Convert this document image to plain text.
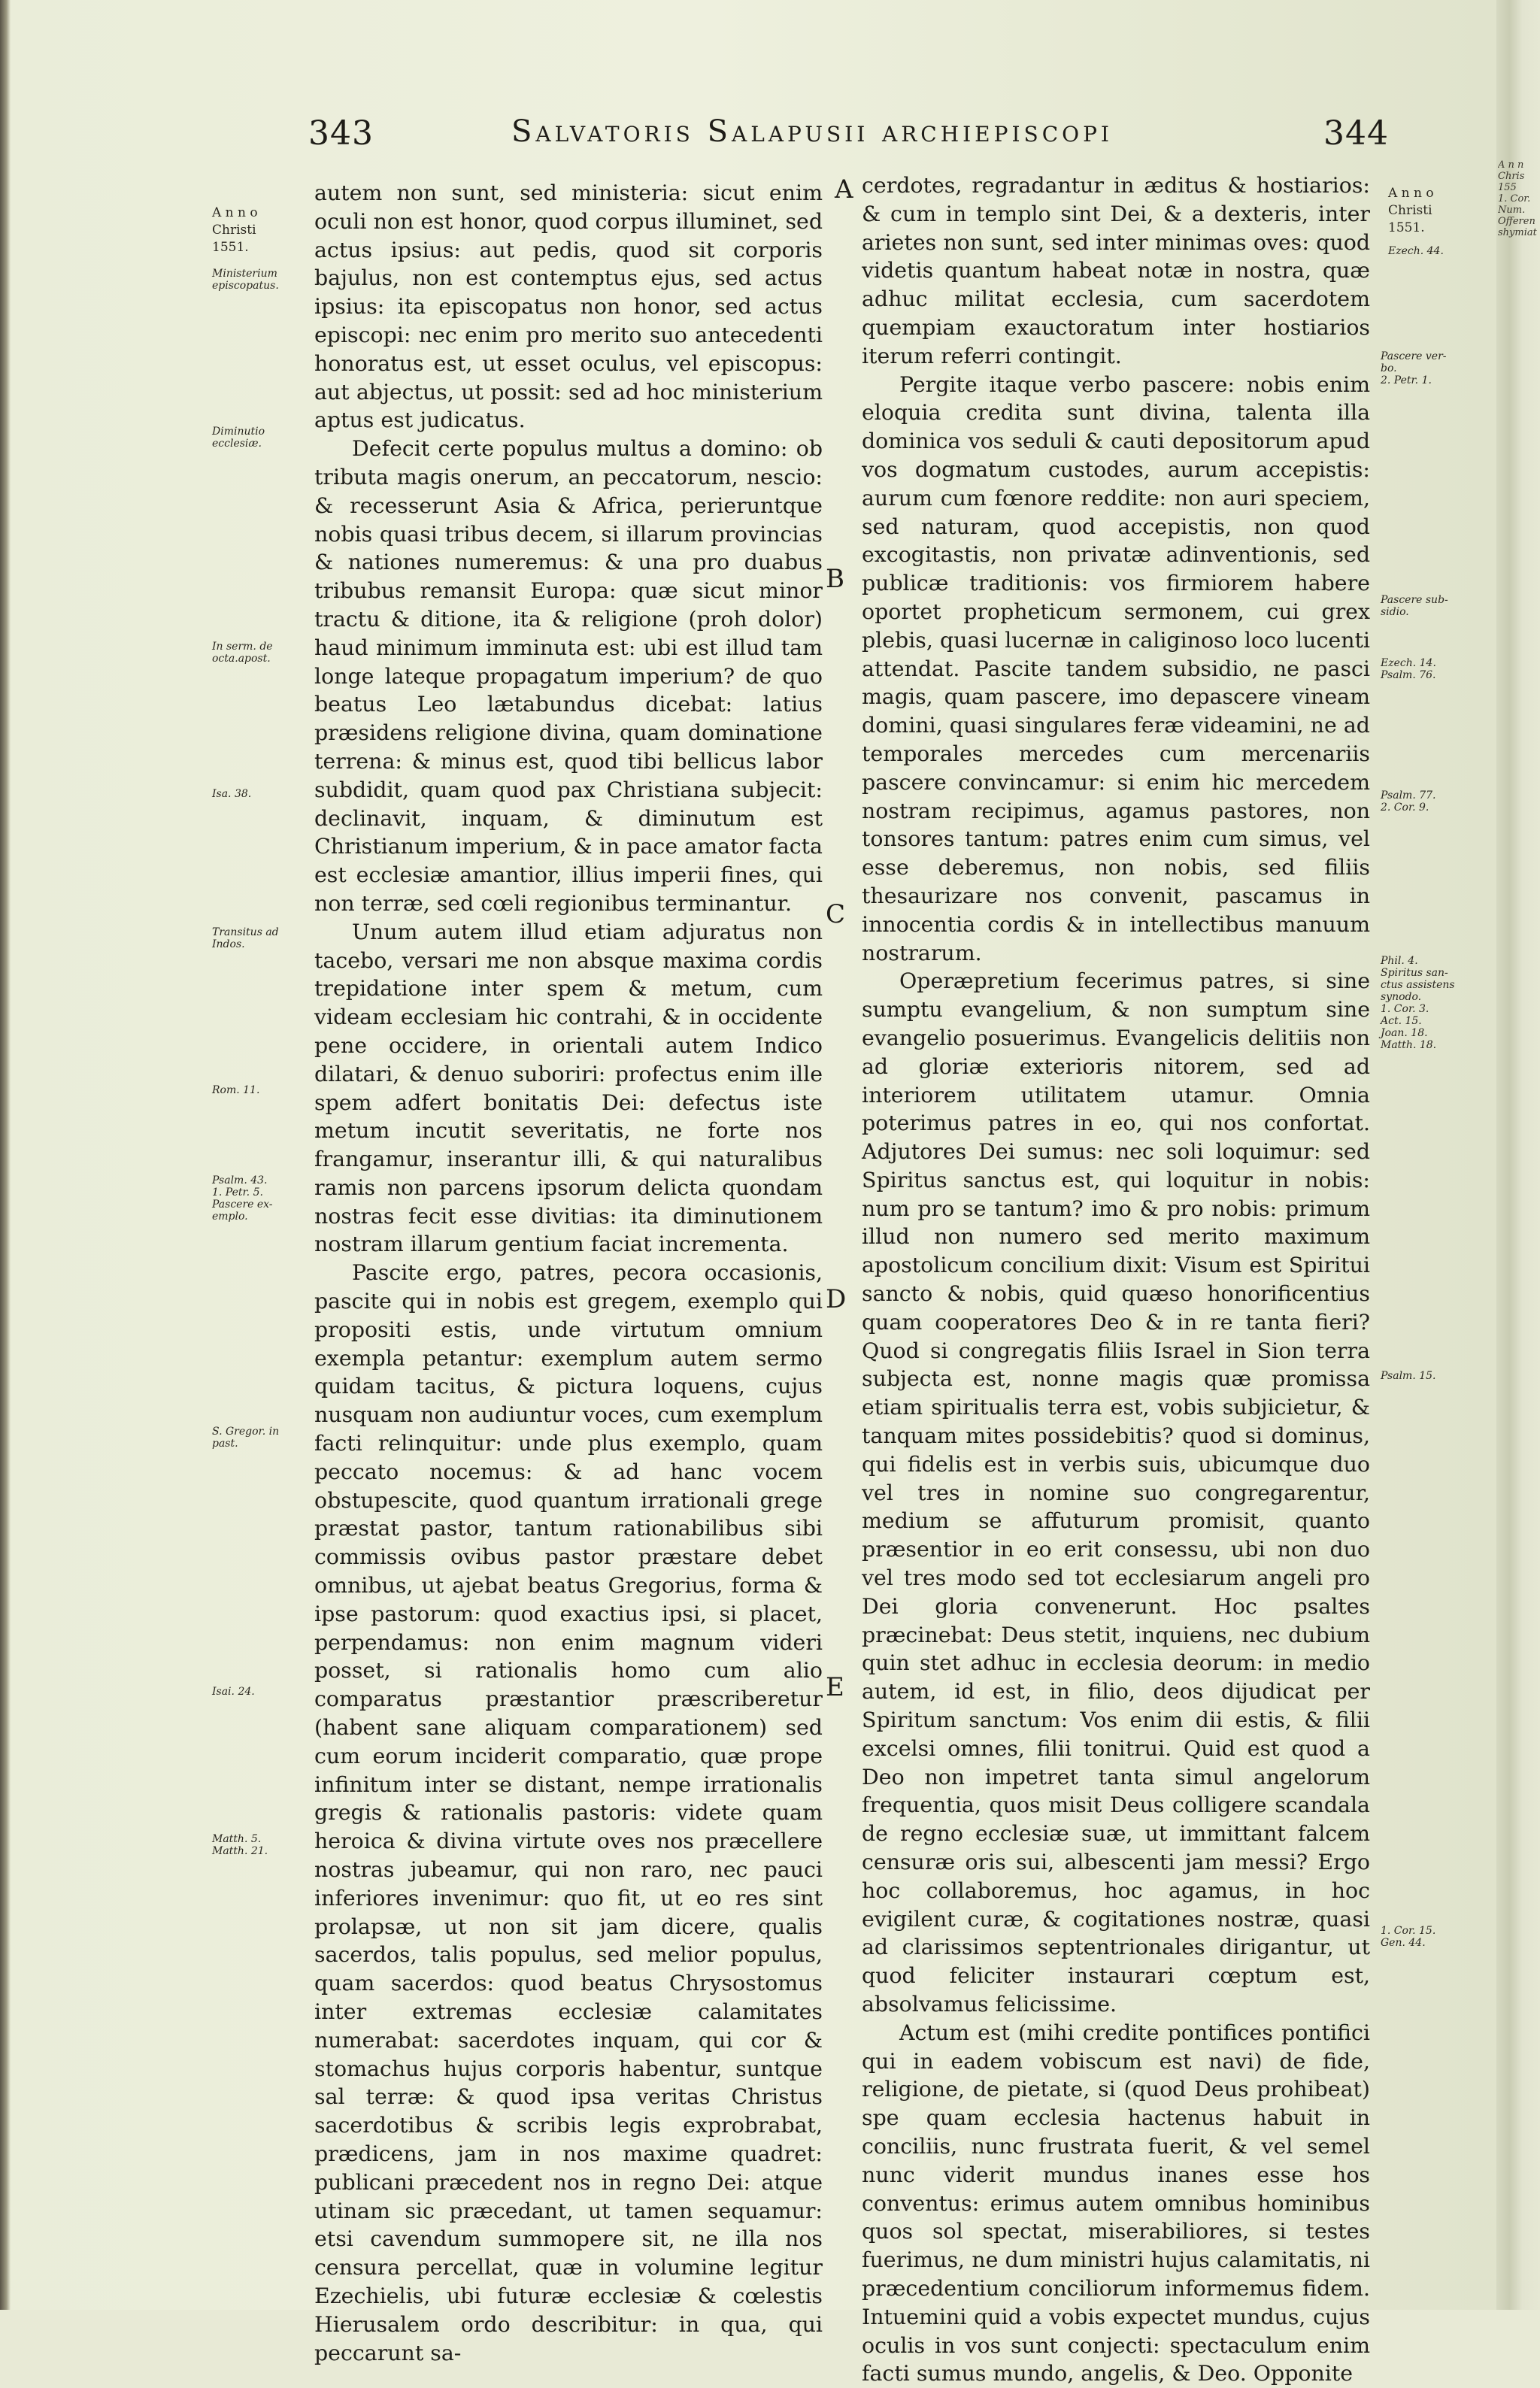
343	Salvatoris Salapusii archiepiscopi	344

autem non sunt, sed ministeria: sicut enim oculi non est honor, quod corpus illuminet, sed actus ipsius: aut pedis, quod sit corporis bajulus, non est contemptus ejus, sed actus ipsius: ita episcopatus non honor, sed actus episcopi: nec enim pro merito suo antecedenti honoratus est, ut esset oculus, vel episcopus: aut abjectus, ut possit: sed ad hoc ministerium aptus est judicatus.

Defecit certe populus multus a domino: ob tributa magis onerum, an peccatorum, nescio: & recesserunt Asia & Africa, perieruntque nobis quasi tribus decem, si illarum provincias & nationes numeremus: & una pro duabus tribubus remansit Europa: quæ sicut minor tractu & ditione, ita & religione (proh dolor) haud minimum imminuta est: ubi est illud tam longe lateque propagatum imperium? de quo beatus Leo lætabundus dicebat: latius præsidens religione divina, quam dominatione terrena: & minus est, quod tibi bellicus labor subdidit, quam quod pax Christiana subjecit: declinavit, inquam, & diminutum est Christianum imperium, & in pace amator facta est ecclesiæ amantior, illius imperii fines, qui non terræ, sed cœli regionibus terminantur.

Unum autem illud etiam adjuratus non tacebo, versari me non absque maxima cordis trepidatione inter spem & metum, cum videam ecclesiam hic contrahi, & in occidente pene occidere, in orientali autem Indico dilatari, & denuo suboriri: profectus enim ille spem adfert bonitatis Dei: defectus iste metum incutit severitatis, ne forte nos frangamur, inserantur illi, & qui naturalibus ramis non parcens ipsorum delicta quondam nostras fecit esse divitias: ita diminutionem nostram illarum gentium faciat incrementa.

Pascite ergo, patres, pecora occasionis, pascite qui in nobis est gregem, exemplo qui propositi estis, unde virtutum omnium exempla petantur: exemplum autem sermo quidam tacitus, & pictura loquens, cujus nusquam non audiuntur voces, cum exemplum facti relinquitur: unde plus exemplo, quam peccato nocemus: & ad hanc vocem obstupescite, quod quantum irrationali grege præstat pastor, tantum rationabilibus sibi commissis ovibus pastor præstare debet omnibus, ut ajebat beatus Gregorius, forma & ipse pastorum: quod exactius ipsi, si placet, perpendamus: non enim magnum videri posset, si rationalis homo cum alio comparatus præstantior præscriberetur (habent sane aliquam comparationem) sed cum eorum inciderit comparatio, quæ prope infinitum inter se distant, nempe irrationalis gregis & rationalis pastoris: videte quam heroica & divina virtute oves nos præcellere nostras jubeamur, qui non raro, nec pauci inferiores invenimur: quo fit, ut eo res sint prolapsæ, ut non sit jam dicere, qualis sacerdos, talis populus, sed melior populus, quam sacerdos: quod beatus Chrysostomus inter extremas ecclesiæ calamitates numerabat: sacerdotes inquam, qui cor & stomachus hujus corporis habentur, suntque sal terræ: & quod ipsa veritas Christus sacerdotibus & scribis legis exprobrabat, prædicens, jam in nos maxime quadret: publicani præcedent nos in regno Dei: atque utinam sic præcedant, ut tamen sequamur: etsi cavendum summopere sit, ne illa nos censura percellat, quæ in volumine legitur Ezechielis, ubi futuræ ecclesiæ & cœlestis Hierusalem ordo describitur: in qua, qui peccarunt sa-

cerdotes, regradantur in æditus & hostiarios: & cum in templo sint Dei, & a dexteris, inter arietes non sunt, sed inter minimas oves: quod videtis quantum habeat notæ in nostra, quæ adhuc militat ecclesia, cum sacerdotem quempiam exauctoratum inter hostiarios iterum referri contingit.

Pergite itaque verbo pascere: nobis enim eloquia credita sunt divina, talenta illa dominica vos seduli & cauti depositorum apud vos dogmatum custodes, aurum accepistis: aurum cum fœnore reddite: non auri speciem, sed naturam, quod accepistis, non quod excogitastis, non privatæ adinventionis, sed publicæ traditionis: vos firmiorem habere oportet propheticum sermonem, cui grex plebis, quasi lucernæ in caliginoso loco lucenti attendat. Pascite tandem subsidio, ne pasci magis, quam pascere, imo depascere vineam domini, quasi singulares feræ videamini, ne ad temporales mercedes cum mercenariis pascere convincamur: si enim hic mercedem nostram recipimus, agamus pastores, non tonsores tantum: patres enim cum simus, vel esse deberemus, non nobis, sed filiis thesaurizare nos convenit, pascamus in innocentia cordis & in intellectibus manuum nostrarum.

Operæpretium fecerimus patres, si sine sumptu evangelium, & non sumptum sine evangelio posuerimus. Evangelicis delitiis non ad gloriæ exterioris nitorem, sed ad interiorem utilitatem utamur. Omnia poterimus patres in eo, qui nos confortat. Adjutores Dei sumus: nec soli loquimur: sed Spiritus sanctus est, qui loquitur in nobis: num pro se tantum? imo & pro nobis: primum illud non numero sed merito maximum apostolicum concilium dixit: Visum est Spiritui sancto & nobis, quid quæso honorificentius quam cooperatores Deo & in re tanta fieri? Quod si congregatis filiis Israel in Sion terra subjecta est, nonne magis quæ promissa etiam spiritualis terra est, vobis subjicietur, & tanquam mites possidebitis? quod si dominus, qui fidelis est in verbis suis, ubicumque duo vel tres in nomine suo congregarentur, medium se affuturum promisit, quanto præsentior in eo erit consessu, ubi non duo vel tres modo sed tot ecclesiarum angeli pro Dei gloria convenerunt. Hoc psaltes præcinebat: Deus stetit, inquiens, nec dubium quin stet adhuc in ecclesia deorum: in medio autem, id est, in filio, deos dijudicat per Spiritum sanctum: Vos enim dii estis, & filii excelsi omnes, filii tonitrui. Quid est quod a Deo non impetret tanta simul angelorum frequentia, quos misit Deus colligere scandala de regno ecclesiæ suæ, ut immittant falcem censuræ oris sui, albescenti jam messi? Ergo hoc collaboremus, hoc agamus, in hoc evigilent curæ, & cogitationes nostræ, quasi ad clarissimos septentrionales dirigantur, ut quod feliciter instaurari cœptum est, absolvamus felicissime.

Actum est (mihi credite pontifices pontifici qui in eadem vobiscum est navi) de fide, religione, de pietate, si (quod Deus prohibeat) spe quam ecclesia hactenus habuit in conciliis, nunc frustrata fuerit, & vel semel nunc viderit mundus inanes esse hos conventus: erimus autem omnibus hominibus quos sol spectat, miserabiliores, si testes fuerimus, ne dum ministri hujus calamitatis, ni præcedentium conciliorum informemus fidem. Intuemini quid a vobis expectet mundus, cujus oculis in vos sunt conjecti: spectaculum enim facti sumus mundo, angelis, & Deo. Opponite

A
B
C
D
E
A n n o
Christi
1551.
Ministerium
episcopatus.
Diminutio
ecclesiæ.
In serm. de
octa.apost.
Isa. 38.
Transitus ad
Indos.
Rom. 11.
Psalm. 43.
1. Petr. 5.
Pascere ex-
emplo.
S. Gregor. in
past.
Isai. 24.
Matth. 5.
Matth. 21.
A n n o
Christi
1551.
Ezech. 44.
Pascere ver-
bo.
2. Petr. 1.
Pascere sub-
sidio.
Ezech. 14.
Psalm. 76.
Psalm. 77.
2. Cor. 9.
Phil. 4.
Spiritus san-
ctus assistens
synodo.
1. Cor. 3.
Act. 15.
Joan. 18.
Matth. 18.
Psalm. 15.
1. Cor. 15.
Gen. 44.
A n n
Chris
155
1. Cor.
Num.
Offeren
shymiat
